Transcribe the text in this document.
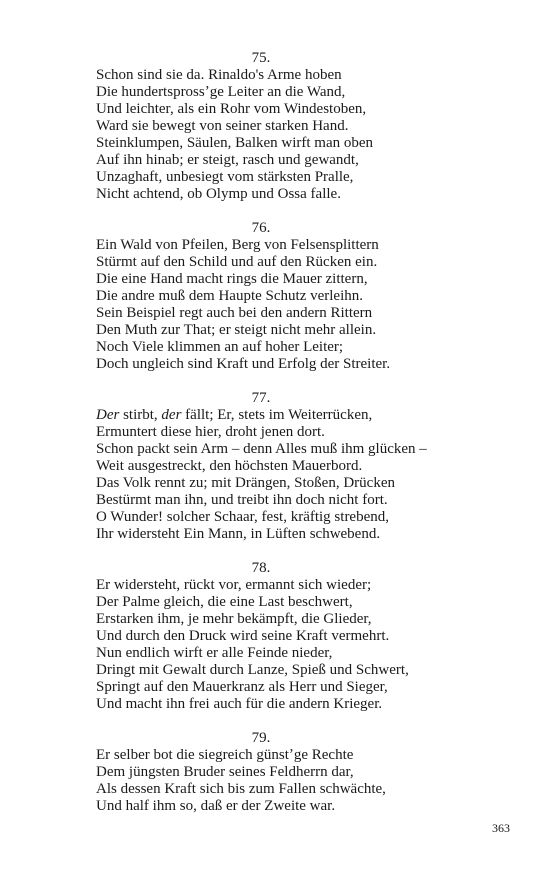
75.
Schon sind sie da. Rinaldo's Arme hoben
Die hundertsprossʼge Leiter an die Wand,
Und leichter, als ein Rohr vom Windestoben,
Ward sie bewegt von seiner starken Hand.
Steinklumpen, Säulen, Balken wirft man oben
Auf ihn hinab; er steigt, rasch und gewandt,
Unzaghaft, unbesiegt vom stärksten Pralle,
Nicht achtend, ob Olymp und Ossa falle.
76.
Ein Wald von Pfeilen, Berg von Felsensplittern
Stürmt auf den Schild und auf den Rücken ein.
Die eine Hand macht rings die Mauer zittern,
Die andre muß dem Haupte Schutz verleihn.
Sein Beispiel regt auch bei den andern Rittern
Den Muth zur That; er steigt nicht mehr allein.
Noch Viele klimmen an auf hoher Leiter;
Doch ungleich sind Kraft und Erfolg der Streiter.
77.
Der stirbt, der fällt; Er, stets im Weiterrücken,
Ermuntert diese hier, droht jenen dort.
Schon packt sein Arm – denn Alles muß ihm glücken –
Weit ausgestreckt, den höchsten Mauerbord.
Das Volk rennt zu; mit Drängen, Stoßen, Drücken
Bestürmt man ihn, und treibt ihn doch nicht fort.
O Wunder! solcher Schaar, fest, kräftig strebend,
Ihr widersteht Ein Mann, in Lüften schwebend.
78.
Er widersteht, rückt vor, ermannt sich wieder;
Der Palme gleich, die eine Last beschwert,
Erstarken ihm, je mehr bekämpft, die Glieder,
Und durch den Druck wird seine Kraft vermehrt.
Nun endlich wirft er alle Feinde nieder,
Dringt mit Gewalt durch Lanze, Spieß und Schwert,
Springt auf den Mauerkranz als Herr und Sieger,
Und macht ihn frei auch für die andern Krieger.
79.
Er selber bot die siegreich günstʼge Rechte
Dem jüngsten Bruder seines Feldherrn dar,
Als dessen Kraft sich bis zum Fallen schwächte,
Und half ihm so, daß er der Zweite war.
363
